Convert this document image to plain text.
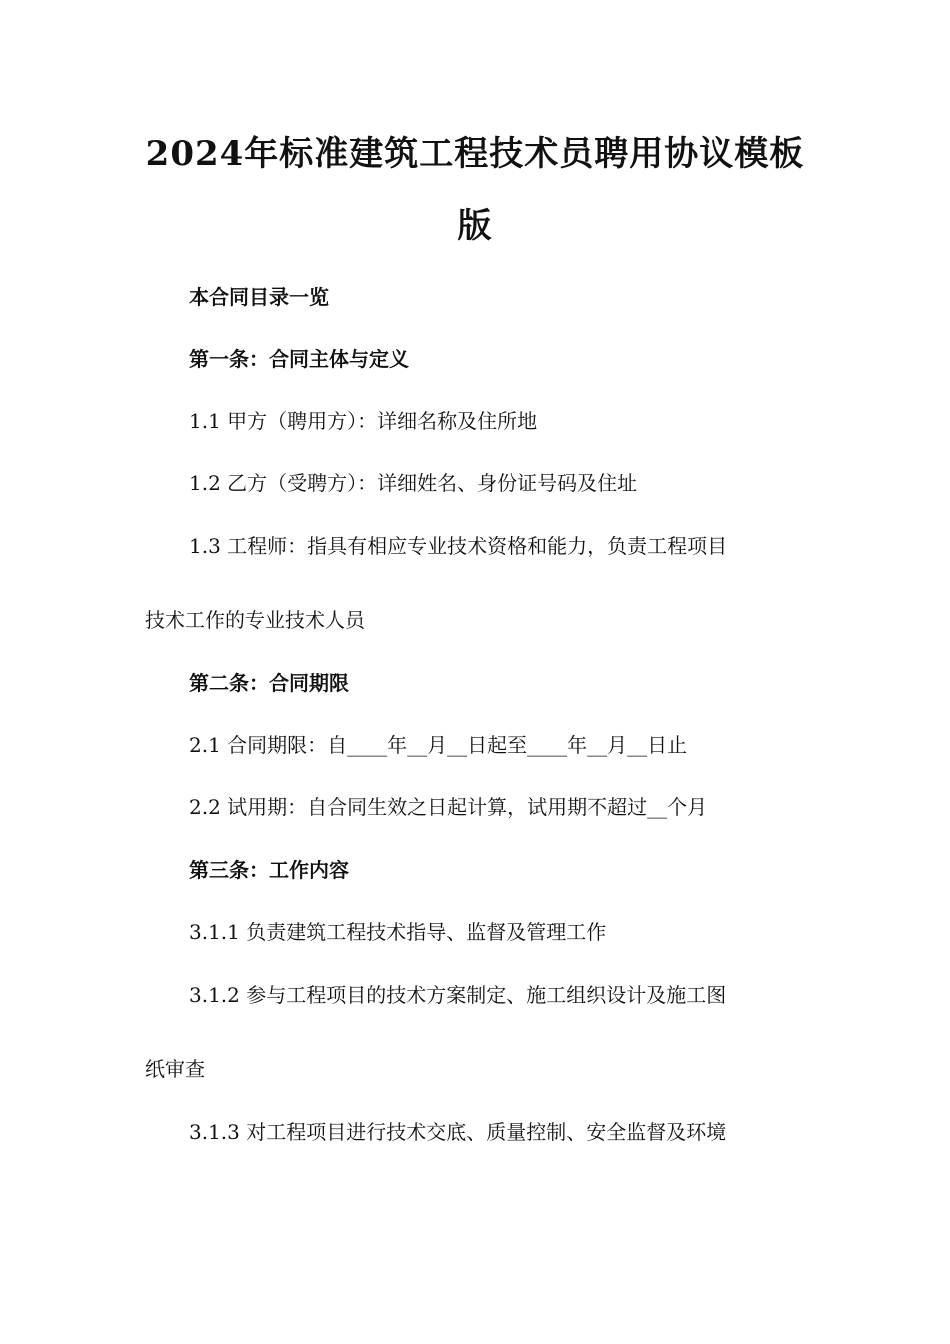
2024年标准建筑工程技术员聘用协议模板
版
本合同目录一览
第一条：合同主体与定义
1.1 甲方（聘用方）：详细名称及住所地
1.2 乙方（受聘方）：详细姓名、身份证号码及住址
1.3 工程师：指具有相应专业技术资格和能力，负责工程项目
技术工作的专业技术人员
第二条：合同期限
2.1 合同期限：自____年__月__日起至____年__月__日止
2.2 试用期：自合同生效之日起计算，试用期不超过__个月
第三条：工作内容
3.1.1 负责建筑工程技术指导、监督及管理工作
3.1.2 参与工程项目的技术方案制定、施工组织设计及施工图
纸审查
3.1.3 对工程项目进行技术交底、质量控制、安全监督及环境
